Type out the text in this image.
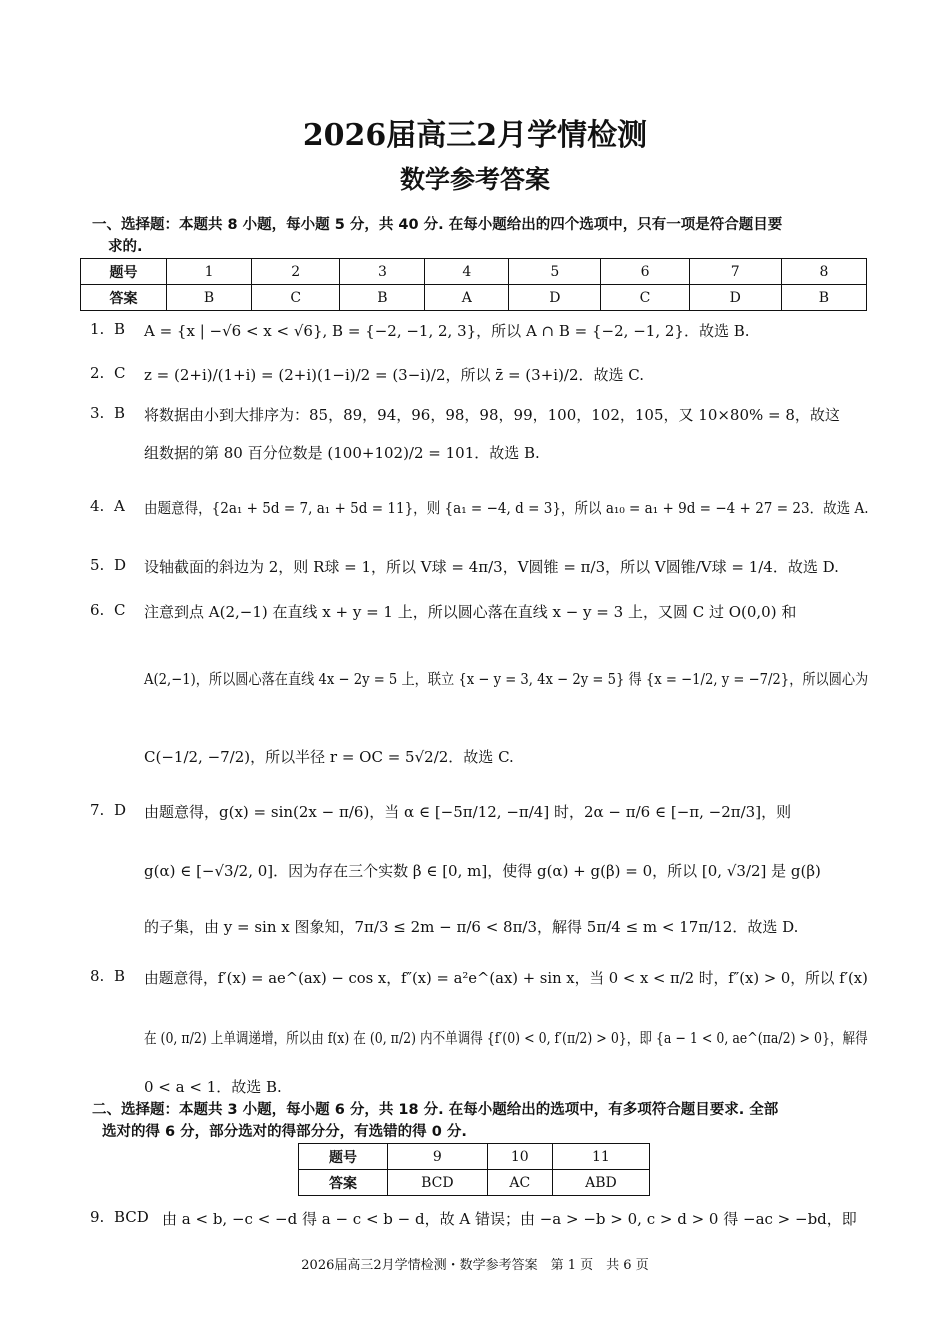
2026届高三2月学情检测
数学参考答案
一、选择题：本题共 8 小题，每小题 5 分，共 40 分. 在每小题给出的四个选项中，只有一项是符合题目要
求的.
题号	1	2	3	4	5	6	7	8
答案	B	C	B	A	D	C	D	B
1. B A = {x | −√6 < x < √6}, B = {−2, −1, 2, 3}，所以 A ∩ B = {−2, −1, 2}．故选 B.
2. C z = (2+i)/(1+i) = (2+i)(1−i)/2 = (3−i)/2，所以 z̄ = (3+i)/2．故选 C.
3. B 将数据由小到大排序为：85，89，94，96，98，98，99，100，102，105，又 10×80% = 8，故这
组数据的第 80 百分位数是 (100+102)/2 = 101．故选 B.
4. A 由题意得，{2a₁ + 5d = 7, a₁ + 5d = 11}，则 {a₁ = −4, d = 3}，所以 a₁₀ = a₁ + 9d = −4 + 27 = 23．故选 A.
5. D 设轴截面的斜边为 2，则 R球 = 1，所以 V球 = 4π/3，V圆锥 = π/3，所以 V圆锥/V球 = 1/4．故选 D.
6. C 注意到点 A(2,−1) 在直线 x + y = 1 上，所以圆心落在直线 x − y = 3 上，又圆 C 过 O(0,0) 和
A(2,−1)，所以圆心落在直线 4x − 2y = 5 上，联立 {x − y = 3, 4x − 2y = 5} 得 {x = −1/2, y = −7/2}，所以圆心为
C(−1/2, −7/2)，所以半径 r = OC = 5√2/2．故选 C.
7. D 由题意得，g(x) = sin(2x − π/6)，当 α ∈ [−5π/12, −π/4] 时，2α − π/6 ∈ [−π, −2π/3]，则
g(α) ∈ [−√3/2, 0]．因为存在三个实数 β ∈ [0, m]，使得 g(α) + g(β) = 0，所以 [0, √3/2] 是 g(β)
的子集，由 y = sin x 图象知，7π/3 ≤ 2m − π/6 < 8π/3，解得 5π/4 ≤ m < 17π/12．故选 D.
8. B 由题意得，f′(x) = ae^(ax) − cos x，f″(x) = a²e^(ax) + sin x，当 0 < x < π/2 时，f″(x) > 0，所以 f′(x)
在 (0, π/2) 上单调递增，所以由 f(x) 在 (0, π/2) 内不单调得 {f′(0) < 0, f′(π/2) > 0}，即 {a − 1 < 0, ae^(πa/2) > 0}，解得
0 < a < 1．故选 B.
二、选择题：本题共 3 小题，每小题 6 分，共 18 分. 在每小题给出的选项中，有多项符合题目要求. 全部
选对的得 6 分，部分选对的得部分分，有选错的得 0 分.
题号	9	10	11
答案	BCD	AC	ABD
9. BCD 由 a < b, −c < −d 得 a − c < b − d，故 A 错误；由 −a > −b > 0, c > d > 0 得 −ac > −bd，即
2026届高三2月学情检测・数学参考答案　第 1 页　共 6 页
